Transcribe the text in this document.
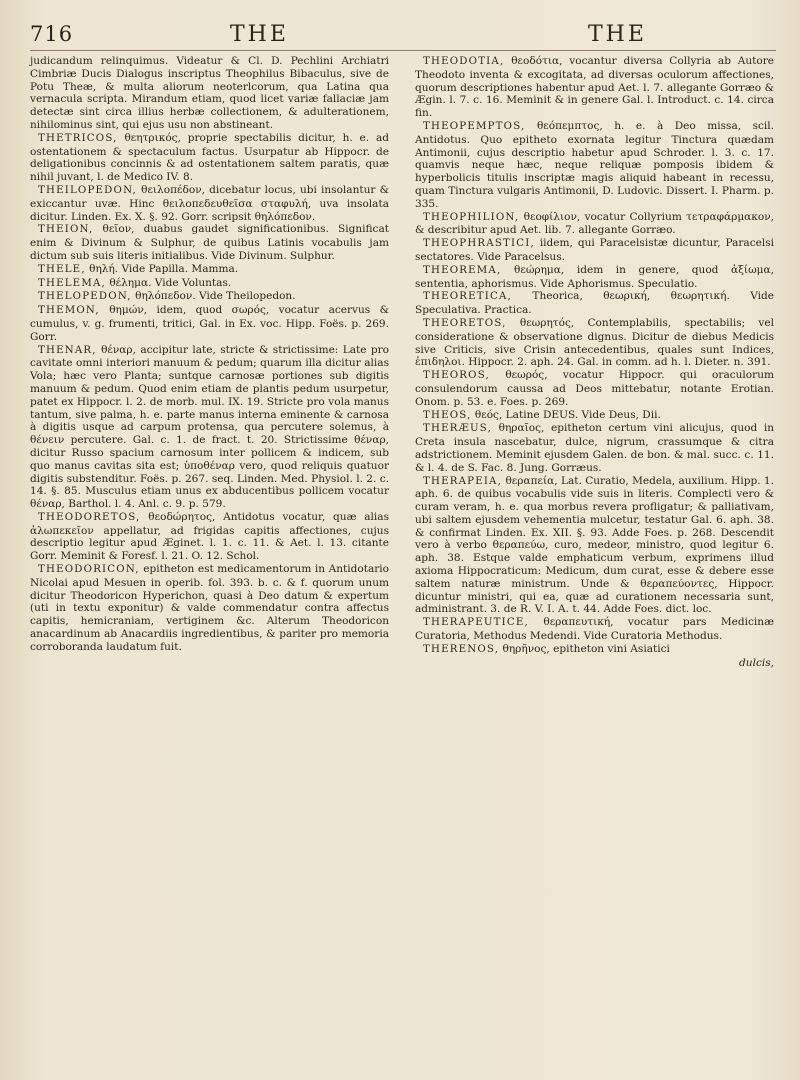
716	THE	THE

judicandum relinquimus. Videatur & Cl. D. Pechlini Archiatri Cimbriæ Ducis Dialogus inscriptus Theophilus Bibaculus, sive de Potu Theæ, & multa aliorum neoterlcorum, qua Latina qua vernacula scripta. Mirandum etiam, quod licet variæ fallaciæ jam detectæ sint circa illius herbæ collectionem, & adulterationem, nihilominus sint, qui ejus usu non abstineant.

THETRICOS, θεητρικός, proprie spectabilis dicitur, h. e. ad ostentationem & spectaculum factus. Usurpatur ab Hippocr. de deligationibus concinnis & ad ostentationem saltem paratis, quæ nihil juvant, l. de Medico IV. 8.

THEILOPEDON, θειλοπέδον, dicebatur locus, ubi insolantur & exiccantur uvæ. Hinc θειλοπεδευθεῖσα σταφυλή, uva insolata dicitur. Linden. Ex. X. §. 92. Gorr. scripsit θηλόπεδον.

THEION, θεῖον, duabus gaudet significationibus. Significat enim & Divinum & Sulphur, de quibus Latinis vocabulis jam dictum sub suis literis initialibus. Vide Divinum. Sulphur.

THELE, θηλή. Vide Papilla. Mamma.

THELEMA, θέλημα. Vide Voluntas.

THELOPEDON, θηλόπεδον. Vide Theilopedon.

THEMON, θημών, idem, quod σωρός, vocatur acervus & cumulus, v. g. frumenti, tritici, Gal. in Ex. voc. Hipp. Foës. p. 269. Gorr.

THENAR, θέναρ, accipitur late, stricte & strictissime: Late pro cavitate omni interiori manuum & pedum; quarum illa dicitur alias Vola; hæc vero Planta; suntque carnosæ portiones sub digitis manuum & pedum. Quod enim etiam de plantis pedum usurpetur, patet ex Hippocr. l. 2. de morb. mul. IX. 19. Stricte pro vola manus tantum, sive palma, h. e. parte manus interna eminente & carnosa à digitis usque ad carpum protensa, qua percutere solemus, à θένειν percutere. Gal. c. 1. de fract. t. 20. Strictissime θέναρ, dicitur Russo spacium carnosum inter pollicem & indicem, sub quo manus cavitas sita est; ὑποθέναρ vero, quod reliquis quatuor digitis substenditur. Foës. p. 267. seq. Linden. Med. Physiol. l. 2. c. 14. §. 85. Musculus etiam unus ex abducentibus pollicem vocatur θέναρ, Barthol. l. 4. Anl. c. 9. p. 579.

THEODORETOS, θεοδώρητος, Antidotus vocatur, quæ alias ἀλωπεκεῖον appellatur, ad frigidas capitis affectiones, cujus descriptio legitur apud Æginet. l. 1. c. 11. & Aet. l. 13. citante Gorr. Meminit & Foresf. l. 21. O. 12. Schol.

THEODORICON, epitheton est medicamentorum in Antidotario Nicolai apud Mesuen in operib. fol. 393. b. c. & f. quorum unum dicitur Theodoricon Hyperichon, quasi à Deo datum & expertum (uti in textu exponitur) & valde commendatur contra affectus capitis, hemicraniam, vertiginem &c. Alterum Theodoricon anacardinum ab Anacardiis ingredientibus, & pariter pro memoria corroboranda laudatum fuit.

THEODOTIA, θεοδότια, vocantur diversa Collyria ab Autore Theodoto inventa & excogitata, ad diversas oculorum affectiones, quorum descriptiones habentur apud Aet. l. 7. allegante Gorræo & Ægin. l. 7. c. 16. Meminit & in genere Gal. l. Introduct. c. 14. circa fin.

THEOPEMPTOS, θεόπεμπτος, h. e. à Deo missa, scil. Antidotus. Quo epitheto exornata legitur Tinctura quædam Antimonii, cujus descriptio habetur apud Schroder. l. 3. c. 17. quamvis neque hæc, neque reliquæ pomposis ibidem & hyperbolicis titulis inscriptæ magis aliquid habeant in recessu, quam Tinctura vulgaris Antimonii, D. Ludovic. Dissert. I. Pharm. p. 335.

THEOPHILION, θεοφίλιον, vocatur Collyrium τετραφάρμακον, & describitur apud Aet. lib. 7. allegante Gorræo.

THEOPHRASTICI, iidem, qui Paracelsistæ dicuntur, Paracelsi sectatores. Vide Paracelsus.

THEOREMA, θεώρημα, idem in genere, quod ἀξίωμα, sententia, aphorismus. Vide Aphorismus. Speculatio.

THEORETICA, Theorica, θεωρική, θεωρητική. Vide Speculativa. Practica.

THEORETOS, θεωρητός, Contemplabilis, spectabilis; vel consideratione & observatione dignus. Dicitur de diebus Medicis sive Criticis, sive Crisin antecedentibus, quales sunt Indices, ἐπιδηλοι. Hippocr. 2. aph. 24. Gal. in comm. ad h. l. Dieter. n. 391.

THEOROS, θεωρός, vocatur Hippocr. qui oraculorum consulendorum caussa ad Deos mittebatur, notante Erotian. Onom. p. 53. e. Foes. p. 269.

THEOS, θεός, Latine DEUS. Vide Deus, Dii.

THERÆUS, θηραῖος, epitheton certum vini alicujus, quod in Creta insula nascebatur, dulce, nigrum, crassumque & citra adstrictionem. Meminit ejusdem Galen. de bon. & mal. succ. c. 11. & l. 4. de S. Fac. 8. Jung. Gorræus.

THERAPEIA, θεραπεία, Lat. Curatio, Medela, auxilium. Hipp. 1. aph. 6. de quibus vocabulis vide suis in literis. Complecti vero & curam veram, h. e. qua morbus revera profligatur; & palliativam, ubi saltem ejusdem vehementia mulcetur, testatur Gal. 6. aph. 38. & confirmat Linden. Ex. XII. §. 93. Adde Foes. p. 268. Descendit vero à verbo θεραπεύω, curo, medeor, ministro, quod legitur 6. aph. 38. Estque valde emphaticum verbum, exprimens illud axioma Hippocraticum: Medicum, dum curat, esse & debere esse saltem naturæ ministrum. Unde & θεραπεύοντες, Hippocr. dicuntur ministri, qui ea, quæ ad curationem necessaria sunt, administrant. 3. de R. V. I. A. t. 44. Adde Foes. dict. loc.

THERAPEUTICE, θεραπευτική, vocatur pars Medicinæ Curatoria, Methodus Medendi. Vide Curatoria Methodus.

THERENOS, θηρῆνος, epitheton vini Asiatici

dulcis,
